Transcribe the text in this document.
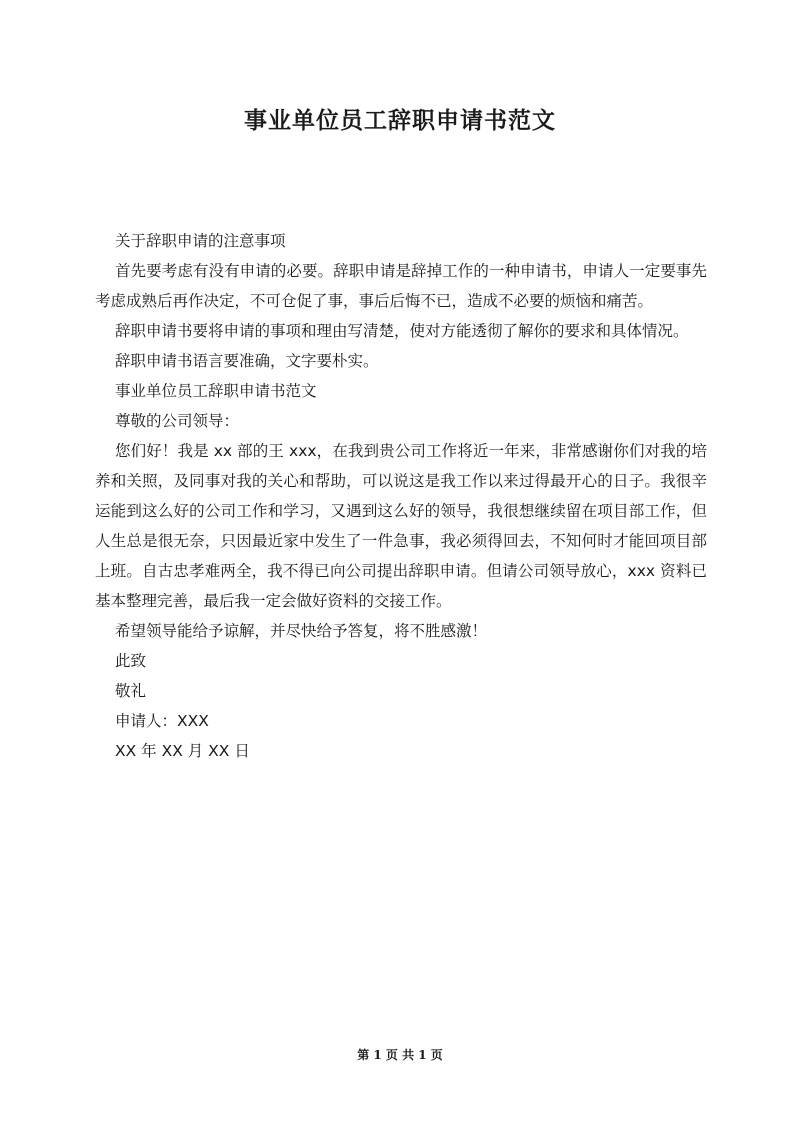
事业单位员工辞职申请书范文

关于辞职申请的注意事项

首先要考虑有没有申请的必要。辞职申请是辞掉工作的一种申请书，申请人一定要事先考虑成熟后再作决定，不可仓促了事，事后后悔不已，造成不必要的烦恼和痛苦。

辞职申请书要将申请的事项和理由写清楚，使对方能透彻了解你的要求和具体情况。

辞职申请书语言要准确，文字要朴实。

事业单位员工辞职申请书范文

尊敬的公司领导：

您们好！我是 xx 部的王 xxx，在我到贵公司工作将近一年来，非常感谢你们对我的培养和关照，及同事对我的关心和帮助，可以说这是我工作以来过得最开心的日子。我很辛运能到这么好的公司工作和学习，又遇到这么好的领导，我很想继续留在项目部工作，但人生总是很无奈，只因最近家中发生了一件急事，我必须得回去，不知何时才能回项目部上班。自古忠孝难两全，我不得已向公司提出辞职申请。但请公司领导放心，xxx 资料已基本整理完善，最后我一定会做好资料的交接工作。

希望领导能给予谅解，并尽快给予答复，将不胜感激！

此致

敬礼

申请人：XXX

XX 年 XX 月 XX 日

第 1 页 共 1 页
